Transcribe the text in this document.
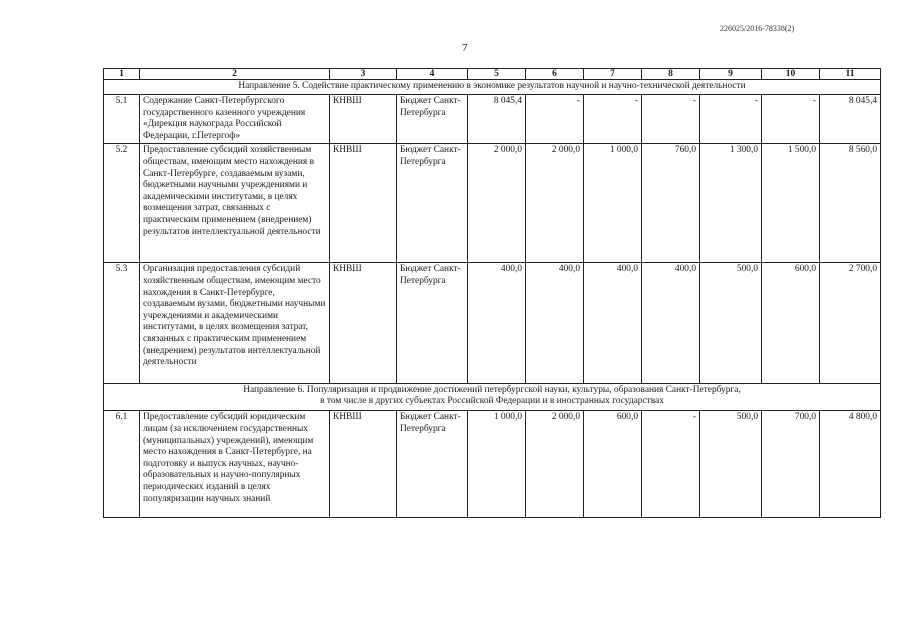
226025/2016-78338(2)
7
1	2	3	4	5	6	7	8	9	10	11
Направление 5. Содействие практическому применению в экономике результатов научной и научно-технической деятельности										
5.1	Содержание Санкт-Петербургского государственного казенного учреждения «Дирекция наукограда Российской Федерации, г.Петергоф»	КНВШ	Бюджет Санкт-Петербурга	8 045,4	-	-	-	-	-	8 045,4
5.2	Предоставление субсидий хозяйственным обществам, имеющим место нахождения в Санкт-Петербурге, создаваемым вузами, бюджетными научными учреждениями и академическими институтами, в целях возмещения затрат, связанных с практическим применением (внедрением) результатов интеллектуальной деятельности	КНВШ	Бюджет Санкт-Петербурга	2 000,0	2 000,0	1 000,0	760,0	1 300,0	1 500,0	8 560,0
5.3	Организация предоставления субсидий хозяйственным обществам, имеющим место нахождения в Санкт-Петербурге, создаваемым вузами, бюджетными научными учреждениями и академическими институтами, в целях возмещения затрат, связанных с практическим применением (внедрением) результатов интеллектуальной деятельности	КНВШ	Бюджет Санкт-Петербурга	400,0	400,0	400,0	400,0	500,0	600,0	2 700,0

Направление 6. Популяризация и продвижение достижений петербургской науки, культуры, образования Санкт-Петербурга,
в том числе в других субъектах Российской Федерации и в иностранных государствах										

6.1	Предоставление субсидий юридическим лицам (за исключением государственных (муниципальных) учреждений), имеющим место нахождения в Санкт-Петербурге, на подготовку и выпуск научных, научно-образовательных и научно-популярных периодических изданий в целях популяризации научных знаний	КНВШ	Бюджет Санкт-Петербурга	1 000,0	2 000,0	600,0	-	500,0	700,0	4 800,0
